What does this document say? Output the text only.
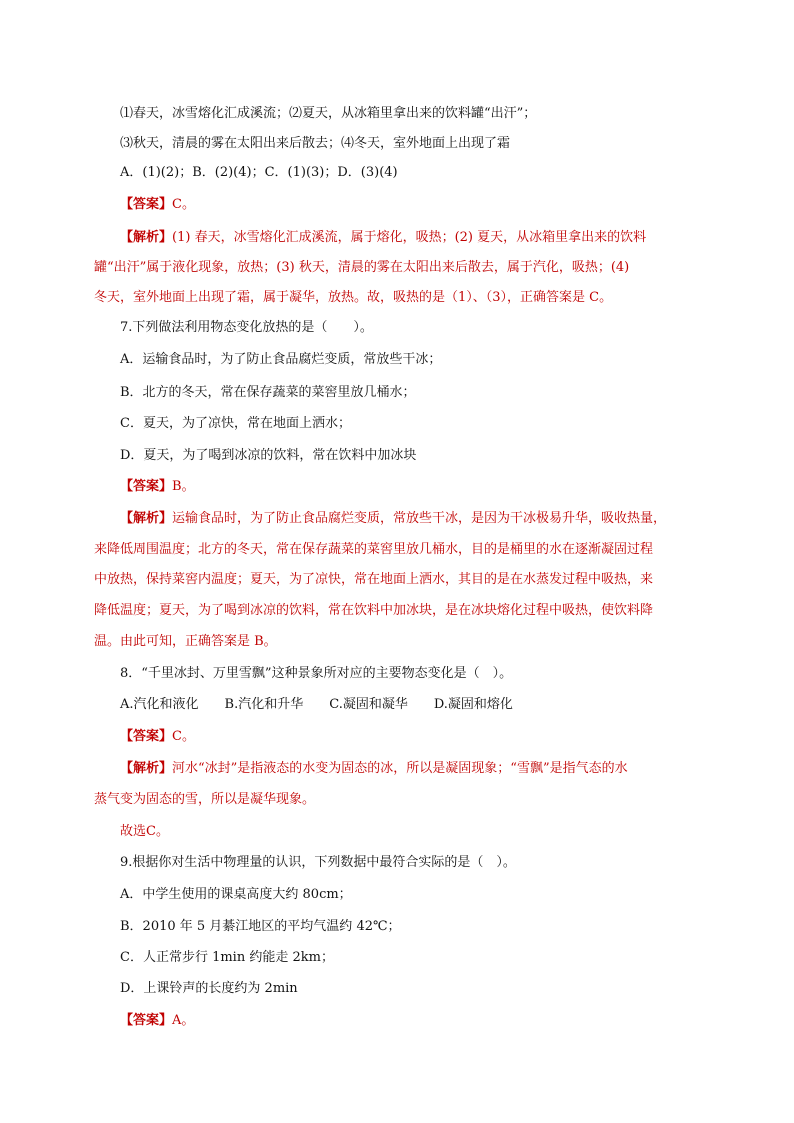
⑴春天，冰雪熔化汇成溪流；⑵夏天，从冰箱里拿出来的饮料罐“出汗”；
⑶秋天，清晨的雾在太阳出来后散去；⑷冬天，室外地面上出现了霜
A．(1)(2)；B．(2)(4)；C．(1)(3)；D．(3)(4)
【答案】C。
【解析】(1) 春天，冰雪熔化汇成溪流，属于熔化，吸热；(2) 夏天，从冰箱里拿出来的饮料
罐“出汗”属于液化现象，放热；(3) 秋天，清晨的雾在太阳出来后散去，属于汽化，吸热；(4)
冬天，室外地面上出现了霜，属于凝华，放热。故，吸热的是（1）、（3），正确答案是 C。
7.下列做法利用物态变化放热的是（　　）。
A．运输食品时，为了防止食品腐烂变质，常放些干冰；
B．北方的冬天，常在保存蔬菜的菜窖里放几桶水；
C．夏天，为了凉快，常在地面上洒水；
D．夏天，为了喝到冰凉的饮料，常在饮料中加冰块
【答案】B。
【解析】运输食品时，为了防止食品腐烂变质，常放些干冰，是因为干冰极易升华，吸收热量，
来降低周围温度；北方的冬天，常在保存蔬菜的菜窖里放几桶水，目的是桶里的水在逐渐凝固过程
中放热，保持菜窖内温度；夏天，为了凉快，常在地面上洒水，其目的是在水蒸发过程中吸热，来
降低温度；夏天，为了喝到冰凉的饮料，常在饮料中加冰块，是在冰块熔化过程中吸热，使饮料降
温。由此可知，正确答案是 B。
8．“千里冰封、万里雪飘”这种景象所对应的主要物态变化是（　）。
A.汽化和液化 B.汽化和升华 C.凝固和凝华 D.凝固和熔化
【答案】C。
【解析】河水“冰封”是指液态的水变为固态的冰，所以是凝固现象；“雪飘”是指气态的水
蒸气变为固态的雪，所以是凝华现象。
故选C。
9.根据你对生活中物理量的认识，下列数据中最符合实际的是（　）。
A．中学生使用的课桌高度大约 80cm；
B．2010 年 5 月綦江地区的平均气温约 42℃；
C．人正常步行 1min 约能走 2km；
D．上课铃声的长度约为 2min
【答案】A。
